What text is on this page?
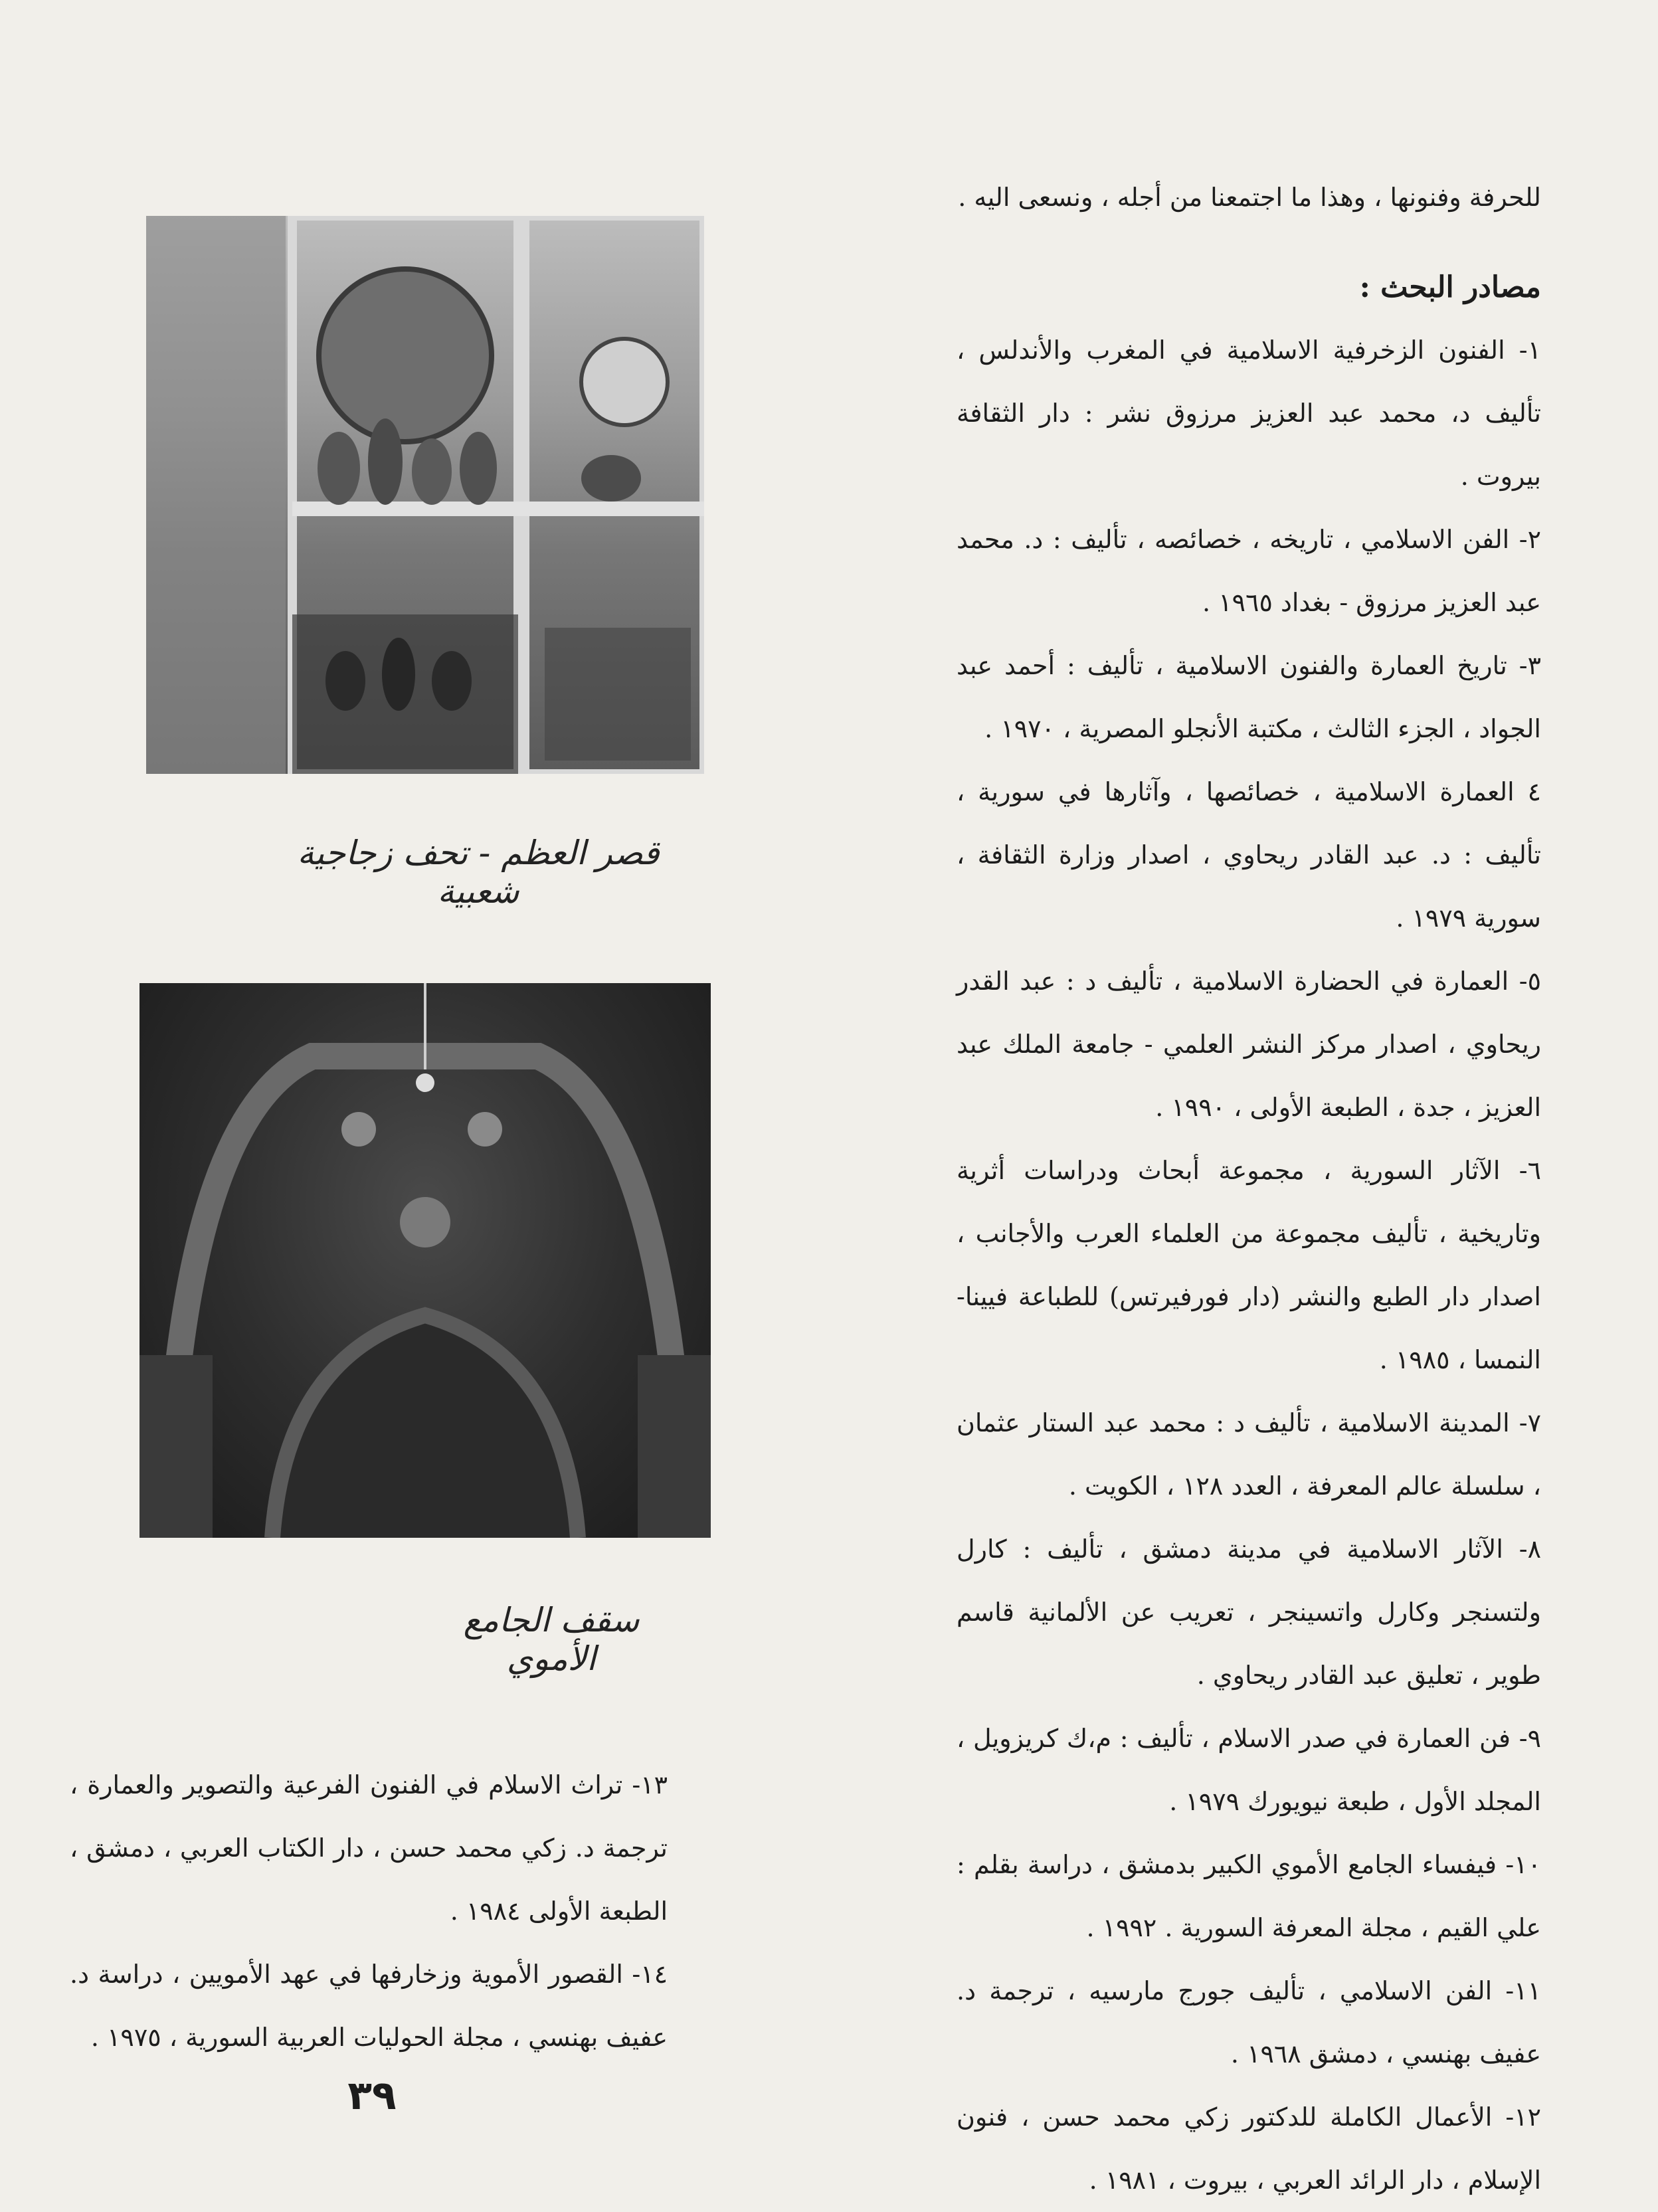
للحرفة وفنونها ، وهذا ما اجتمعنا من أجله ، ونسعى اليه .

مصادر البحث :

١- الفنون الزخرفية الاسلامية في المغرب والأندلس ، تأليف د، محمد عبد العزيز مرزوق نشر : دار الثقافة بيروت .

٢- الفن الاسلامي ، تاريخه ، خصائصه ، تأليف : د. محمد عبد العزيز مرزوق - بغداد ١٩٦٥ .

٣- تاريخ العمارة والفنون الاسلامية ، تأليف : أحمد عبد الجواد ، الجزء الثالث ، مكتبة الأنجلو المصرية ، ١٩٧٠ .

٤ العمارة الاسلامية ، خصائصها ، وآثارها في سورية ، تأليف : د. عبد القادر ريحاوي ، اصدار وزارة الثقافة ، سورية ١٩٧٩ .

٥- العمارة في الحضارة الاسلامية ، تأليف د : عبد القدر ريحاوي ، اصدار مركز النشر العلمي - جامعة الملك عبد العزيز ، جدة ، الطبعة الأولى ، ١٩٩٠ .

٦- الآثار السورية ، مجموعة أبحاث ودراسات أثرية وتاريخية ، تأليف مجموعة من العلماء العرب والأجانب ، اصدار دار الطبع والنشر (دار فورفيرتس) للطباعة فيينا- النمسا ، ١٩٨٥ .

٧- المدينة الاسلامية ، تأليف د : محمد عبد الستار عثمان ، سلسلة عالم المعرفة ، العدد ١٢٨ ، الكويت .

٨- الآثار الاسلامية في مدينة دمشق ، تأليف : كارل ولتسنجر وكارل واتسينجر ، تعريب عن الألمانية قاسم طوير ، تعليق عبد القادر ريحاوي .

٩- فن العمارة في صدر الاسلام ، تأليف : م،ك كريزويل ، المجلد الأول ، طبعة نيويورك ١٩٧٩ .

١٠- فيفساء الجامع الأموي الكبير بدمشق ، دراسة بقلم : علي القيم ، مجلة المعرفة السورية . ١٩٩٢ .

١١- الفن الاسلامي ، تأليف جورج مارسيه ، ترجمة د. عفيف بهنسي ، دمشق ١٩٦٨ .

١٢- الأعمال الكاملة للدكتور زكي محمد حسن ، فنون الإسلام ، دار الرائد العربي ، بيروت ، ١٩٨١ .

قصر العظم - تحف زجاجية شعبية
سقف الجامع الأموي

١٣- تراث الاسلام في الفنون الفرعية والتصوير والعمارة ، ترجمة د. زكي محمد حسن ، دار الكتاب العربي ، دمشق ، الطبعة الأولى ١٩٨٤ .

١٤- القصور الأموية وزخارفها في عهد الأمويين ، دراسة د. عفيف بهنسي ، مجلة الحوليات العربية السورية ، ١٩٧٥ .

٣٩
